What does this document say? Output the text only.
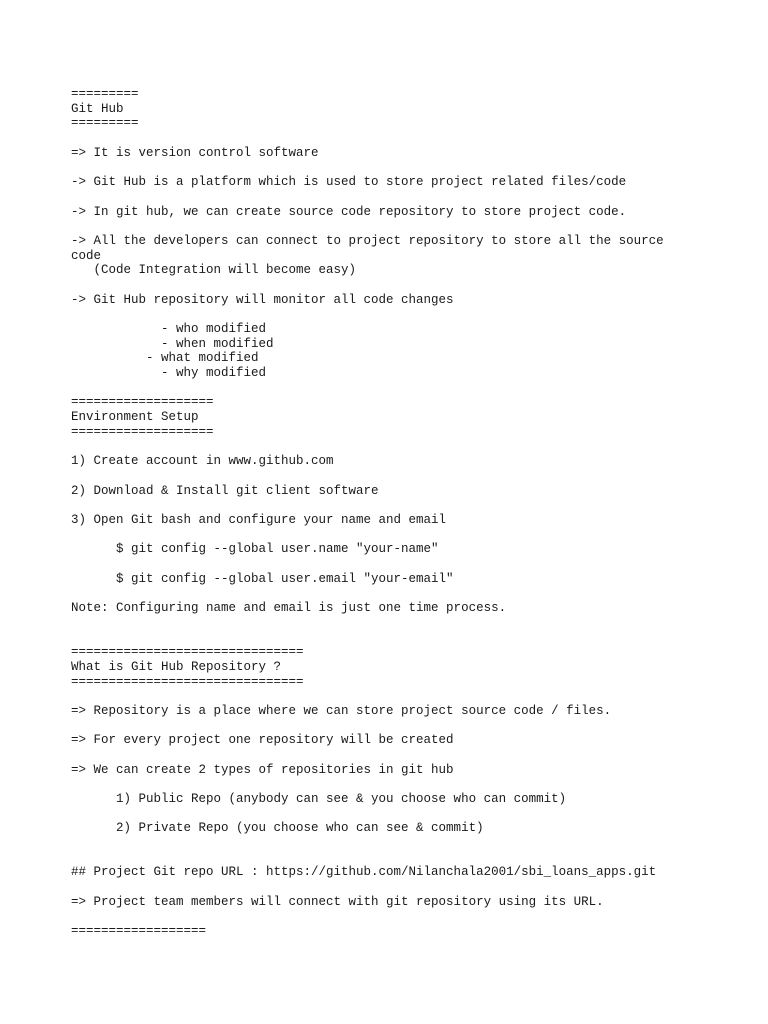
=========
Git Hub
=========
=> It is version control software
-> Git Hub is a platform which is used to store project related files/code
-> In git hub, we can create source code repository to store project code.
-> All the developers can connect to project repository to store all the source
code
(Code Integration will become easy)
-> Git Hub repository will monitor all code changes
- who modified
- when modified
- what modified
- why modified
===================
Environment Setup
===================
1) Create account in www.github.com
2) Download & Install git client software
3) Open Git bash and configure your name and email
$ git config --global user.name "your-name"
$ git config --global user.email "your-email"
Note: Configuring name and email is just one time process.
===============================
What is Git Hub Repository ?
===============================
=> Repository is a place where we can store project source code / files.
=> For every project one repository will be created
=> We can create 2 types of repositories in git hub
1) Public Repo (anybody can see & you choose who can commit)
2) Private Repo (you choose who can see & commit)
## Project Git repo URL : https://github.com/Nilanchala2001/sbi_loans_apps.git
=> Project team members will connect with git repository using its URL.
==================
